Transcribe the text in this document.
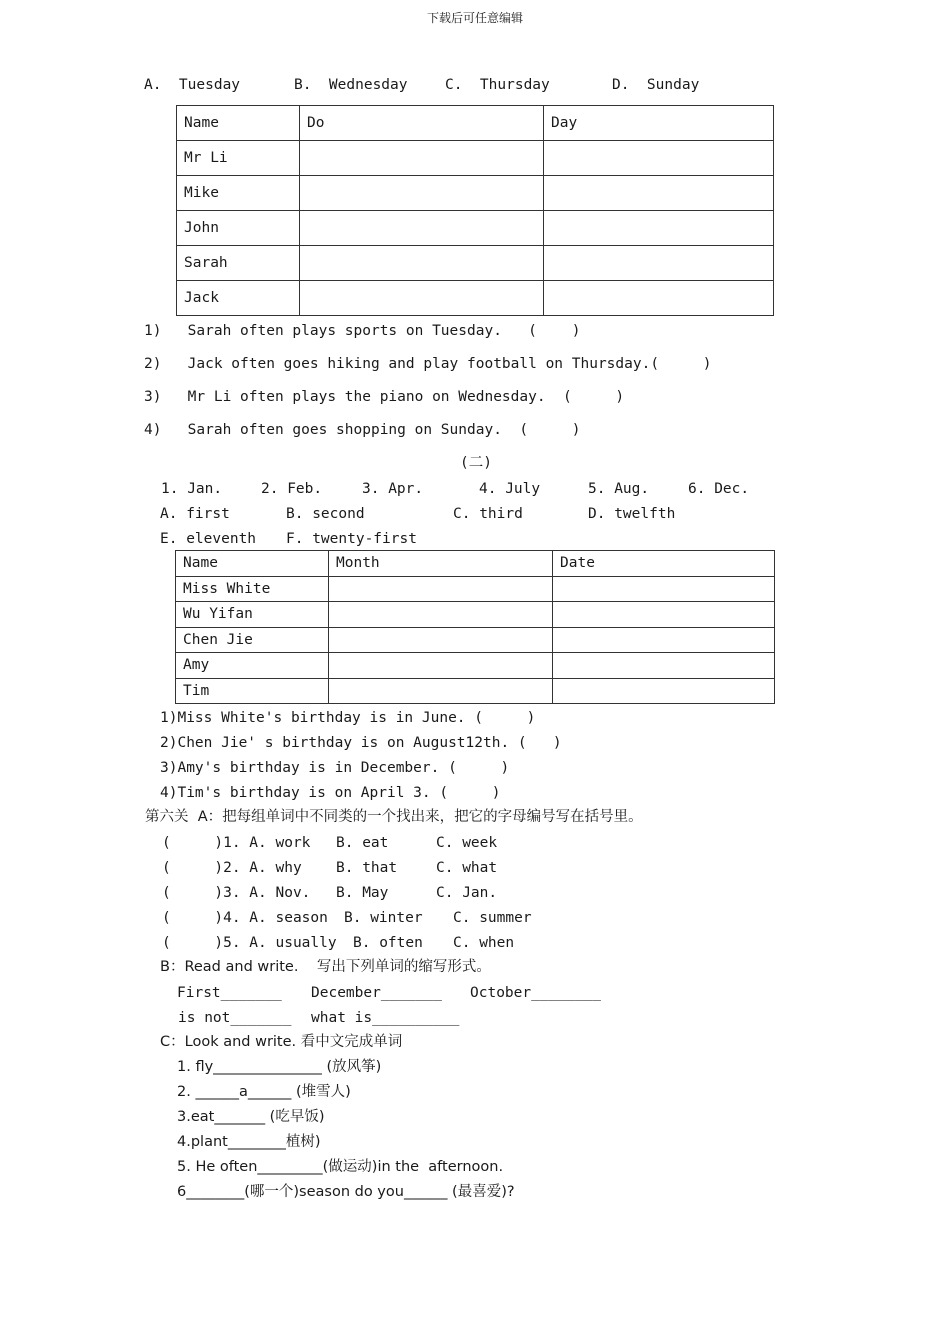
下载后可任意编辑
A.  Tuesday	B.  Wednesday	C.  Thursday	D.  Sunday
Name	Do	Day
Mr Li		
Mike		
John		
Sarah		
Jack		
1)   Sarah often plays sports on Tuesday.   (    )
2)   Jack often goes hiking and play football on Thursday.(     )
3)   Mr Li often plays the piano on Wednesday.  (     )
4)   Sarah often goes shopping on Sunday.  (     )
(二)
1. Jan.	2. Feb.	3. Apr.	4. July	5. Aug.	6. Dec.
A. first	B. second	C. third	D. twelfth
E. eleventh F. twenty-first
Name	Month	Date
Miss White		
Wu Yifan		
Chen Jie		
Amy		
Tim		
1)Miss White's birthday is in June. (     )
2)Chen Jie' s birthday is on August12th. (   )
3)Amy's birthday is in December. (     )
4)Tim's birthday is on April 3. (     )
第六关  A：把每组单词中不同类的一个找出来，把它的字母编号写在括号里。
(     )1. A. work B. eat	C. week
(     )2. A. why B. that	C. what
(     )3. A. Nov. B. May	C. Jan.
(     )4. A. season B. winter C. summer
(     )5. A. usually B. often C. when
B：Read and write.    写出下列单词的缩写形式。
First_______ December_______ October________
is not_______ what is__________
C：Look and write. 看中文完成单词
1. fly_______________ (放风筝)
2. ______a______ (堆雪人)
3.eat_______ (吃早饭)
4.plant________植树)
5. He often_________(做运动)in the  afternoon.
6________(哪一个)season do you______ (最喜爱)?
